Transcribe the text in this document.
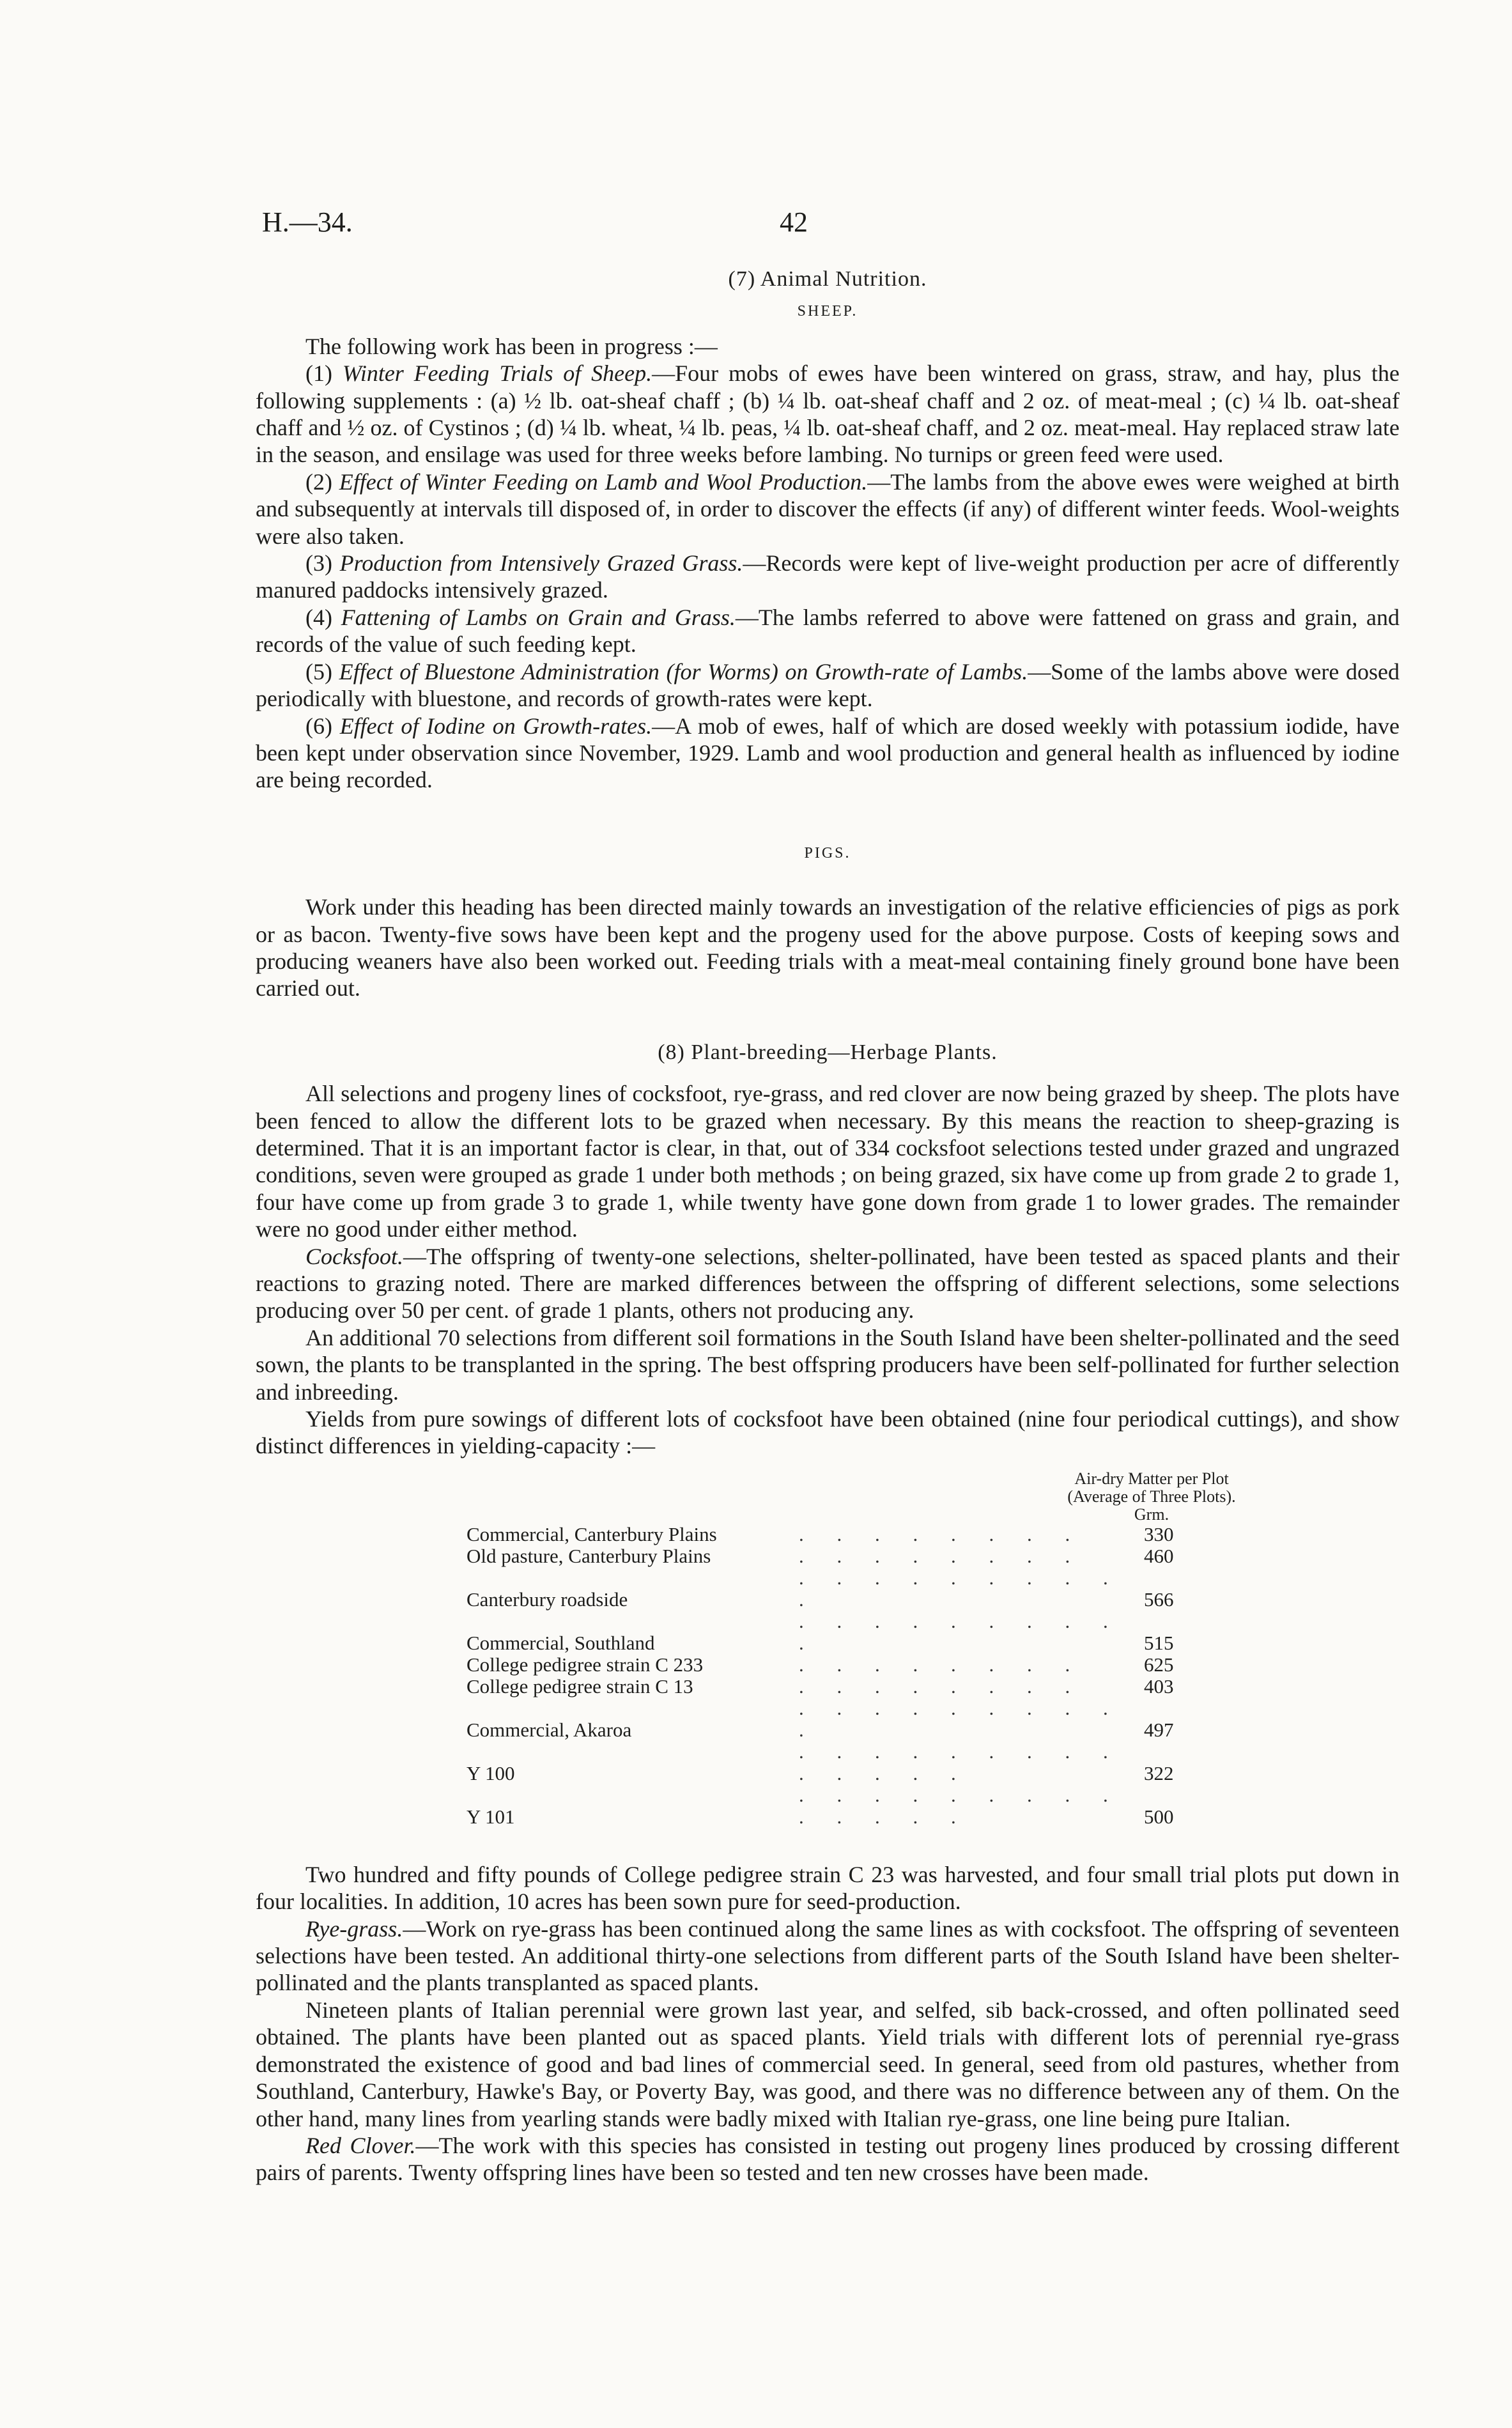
H.—34.	42
(7) Animal Nutrition.
SHEEP.

The following work has been in progress :—

(1) Winter Feeding Trials of Sheep.—Four mobs of ewes have been wintered on grass, straw, and hay, plus the following supplements : (a) ½ lb. oat-sheaf chaff ; (b) ¼ lb. oat-sheaf chaff and 2 oz. of meat-meal ; (c) ¼ lb. oat-sheaf chaff and ½ oz. of Cystinos ; (d) ¼ lb. wheat, ¼ lb. peas, ¼ lb. oat-sheaf chaff, and 2 oz. meat-meal. Hay replaced straw late in the season, and ensilage was used for three weeks before lambing. No turnips or green feed were used.

(2) Effect of Winter Feeding on Lamb and Wool Production.—The lambs from the above ewes were weighed at birth and subsequently at intervals till disposed of, in order to discover the effects (if any) of different winter feeds. Wool-weights were also taken.

(3) Production from Intensively Grazed Grass.—Records were kept of live-weight production per acre of differently manured paddocks intensively grazed.

(4) Fattening of Lambs on Grain and Grass.—The lambs referred to above were fattened on grass and grain, and records of the value of such feeding kept.

(5) Effect of Bluestone Administration (for Worms) on Growth-rate of Lambs.—Some of the lambs above were dosed periodically with bluestone, and records of growth-rates were kept.

(6) Effect of Iodine on Growth-rates.—A mob of ewes, half of which are dosed weekly with potassium iodide, have been kept under observation since November, 1929. Lamb and wool production and general health as influenced by iodine are being recorded.

PIGS.

Work under this heading has been directed mainly towards an investigation of the relative efficiencies of pigs as pork or as bacon. Twenty-five sows have been kept and the progeny used for the above purpose. Costs of keeping sows and producing weaners have also been worked out. Feeding trials with a meat-meal containing finely ground bone have been carried out.

(8) Plant-breeding—Herbage Plants.

All selections and progeny lines of cocksfoot, rye-grass, and red clover are now being grazed by sheep. The plots have been fenced to allow the different lots to be grazed when necessary. By this means the reaction to sheep-grazing is determined. That it is an important factor is clear, in that, out of 334 cocksfoot selections tested under grazed and ungrazed conditions, seven were grouped as grade 1 under both methods ; on being grazed, six have come up from grade 2 to grade 1, four have come up from grade 3 to grade 1, while twenty have gone down from grade 1 to lower grades. The remainder were no good under either method.

Cocksfoot.—The offspring of twenty-one selections, shelter-pollinated, have been tested as spaced plants and their reactions to grazing noted. There are marked differences between the offspring of different selections, some selections producing over 50 per cent. of grade 1 plants, others not producing any.

An additional 70 selections from different soil formations in the South Island have been shelter-pollinated and the seed sown, the plants to be transplanted in the spring. The best offspring producers have been self-pollinated for further selection and inbreeding.

Yields from pure sowings of different lots of cocksfoot have been obtained (nine four periodical cuttings), and show distinct differences in yielding-capacity :—

Air-dry Matter per Plot
(Average of Three Plots).
Grm.
Commercial, Canterbury Plains	. . . . . . . .	330
Old pasture, Canterbury Plains	. . . . . . . .	460
Canterbury roadside	. . . . . . . . . .	566
Commercial, Southland	. . . . . . . . . .	515
College pedigree strain C 233	. . . . . . . .	625
College pedigree strain C 13	. . . . . . . .	403
Commercial, Akaroa	. . . . . . . . . .	497
Y 100	. . . . . . . . . . . . . .	322
Y 101	. . . . . . . . . . . . . .	500

Two hundred and fifty pounds of College pedigree strain C 23 was harvested, and four small trial plots put down in four localities. In addition, 10 acres has been sown pure for seed-production.

Rye-grass.—Work on rye-grass has been continued along the same lines as with cocksfoot. The offspring of seventeen selections have been tested. An additional thirty-one selections from different parts of the South Island have been shelter-pollinated and the plants transplanted as spaced plants.

Nineteen plants of Italian perennial were grown last year, and selfed, sib back-crossed, and often pollinated seed obtained. The plants have been planted out as spaced plants. Yield trials with different lots of perennial rye-grass demonstrated the existence of good and bad lines of commercial seed. In general, seed from old pastures, whether from Southland, Canterbury, Hawke's Bay, or Poverty Bay, was good, and there was no difference between any of them. On the other hand, many lines from yearling stands were badly mixed with Italian rye-grass, one line being pure Italian.

Red Clover.—The work with this species has consisted in testing out progeny lines produced by crossing different pairs of parents. Twenty offspring lines have been so tested and ten new crosses have been made.
